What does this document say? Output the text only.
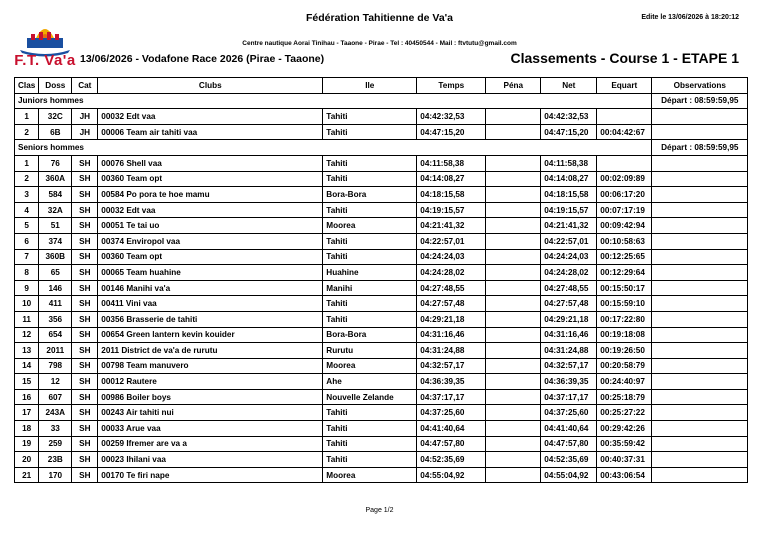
F.T. Va'a
Fédération Tahitienne de Va'a	Edite le 13/06/2026 à 18:20:12
Centre nautique Aorai Tinihau - Taaone - Pirae - Tel : 40450544 - Mail : ftvtutu@gmail.com
13/06/2026 - Vodafone Race 2026 (Pirae - Taaone)	Classements - Course 1 - ETAPE 1
Clas	Doss	Cat	Clubs	Ile	Temps	Péna	Net	Equart	Observations
Juniors hommes									Départ : 08:59:59,95
1	32C	JH	00032 Edt vaa	Tahiti	04:42:32,53		04:42:32,53		
2	6B	JH	00006 Team air tahiti vaa	Tahiti	04:47:15,20		04:47:15,20	00:04:42:67	
Seniors hommes									Départ : 08:59:59,95
1	76	SH	00076 Shell vaa	Tahiti	04:11:58,38		04:11:58,38		
2	360A	SH	00360 Team opt	Tahiti	04:14:08,27		04:14:08,27	00:02:09:89	
3	584	SH	00584 Po pora te hoe mamu	Bora-Bora	04:18:15,58		04:18:15,58	00:06:17:20	
4	32A	SH	00032 Edt vaa	Tahiti	04:19:15,57		04:19:15,57	00:07:17:19	
5	51	SH	00051 Te tai uo	Moorea	04:21:41,32		04:21:41,32	00:09:42:94	
6	374	SH	00374 Enviropol vaa	Tahiti	04:22:57,01		04:22:57,01	00:10:58:63	
7	360B	SH	00360 Team opt	Tahiti	04:24:24,03		04:24:24,03	00:12:25:65	
8	65	SH	00065 Team huahine	Huahine	04:24:28,02		04:24:28,02	00:12:29:64	
9	146	SH	00146 Manihi va'a	Manihi	04:27:48,55		04:27:48,55	00:15:50:17	
10	411	SH	00411 Vini vaa	Tahiti	04:27:57,48		04:27:57,48	00:15:59:10	
11	356	SH	00356 Brasserie de tahiti	Tahiti	04:29:21,18		04:29:21,18	00:17:22:80	
12	654	SH	00654 Green lantern kevin kouider	Bora-Bora	04:31:16,46		04:31:16,46	00:19:18:08	
13	2011	SH	2011 District de va'a de rurutu	Rurutu	04:31:24,88		04:31:24,88	00:19:26:50	
14	798	SH	00798 Team manuvero	Moorea	04:32:57,17		04:32:57,17	00:20:58:79	
15	12	SH	00012 Rautere	Ahe	04:36:39,35		04:36:39,35	00:24:40:97	
16	607	SH	00986 Boiler boys	Nouvelle Zelande	04:37:17,17		04:37:17,17	00:25:18:79	
17	243A	SH	00243 Air tahiti nui	Tahiti	04:37:25,60		04:37:25,60	00:25:27:22	
18	33	SH	00033 Arue vaa	Tahiti	04:41:40,64		04:41:40,64	00:29:42:26	
19	259	SH	00259 Ifremer are va a	Tahiti	04:47:57,80		04:47:57,80	00:35:59:42	
20	23B	SH	00023 Ihilani vaa	Tahiti	04:52:35,69		04:52:35,69	00:40:37:31	
21	170	SH	00170 Te firi nape	Moorea	04:55:04,92		04:55:04,92	00:43:06:54	
Page 1/2
